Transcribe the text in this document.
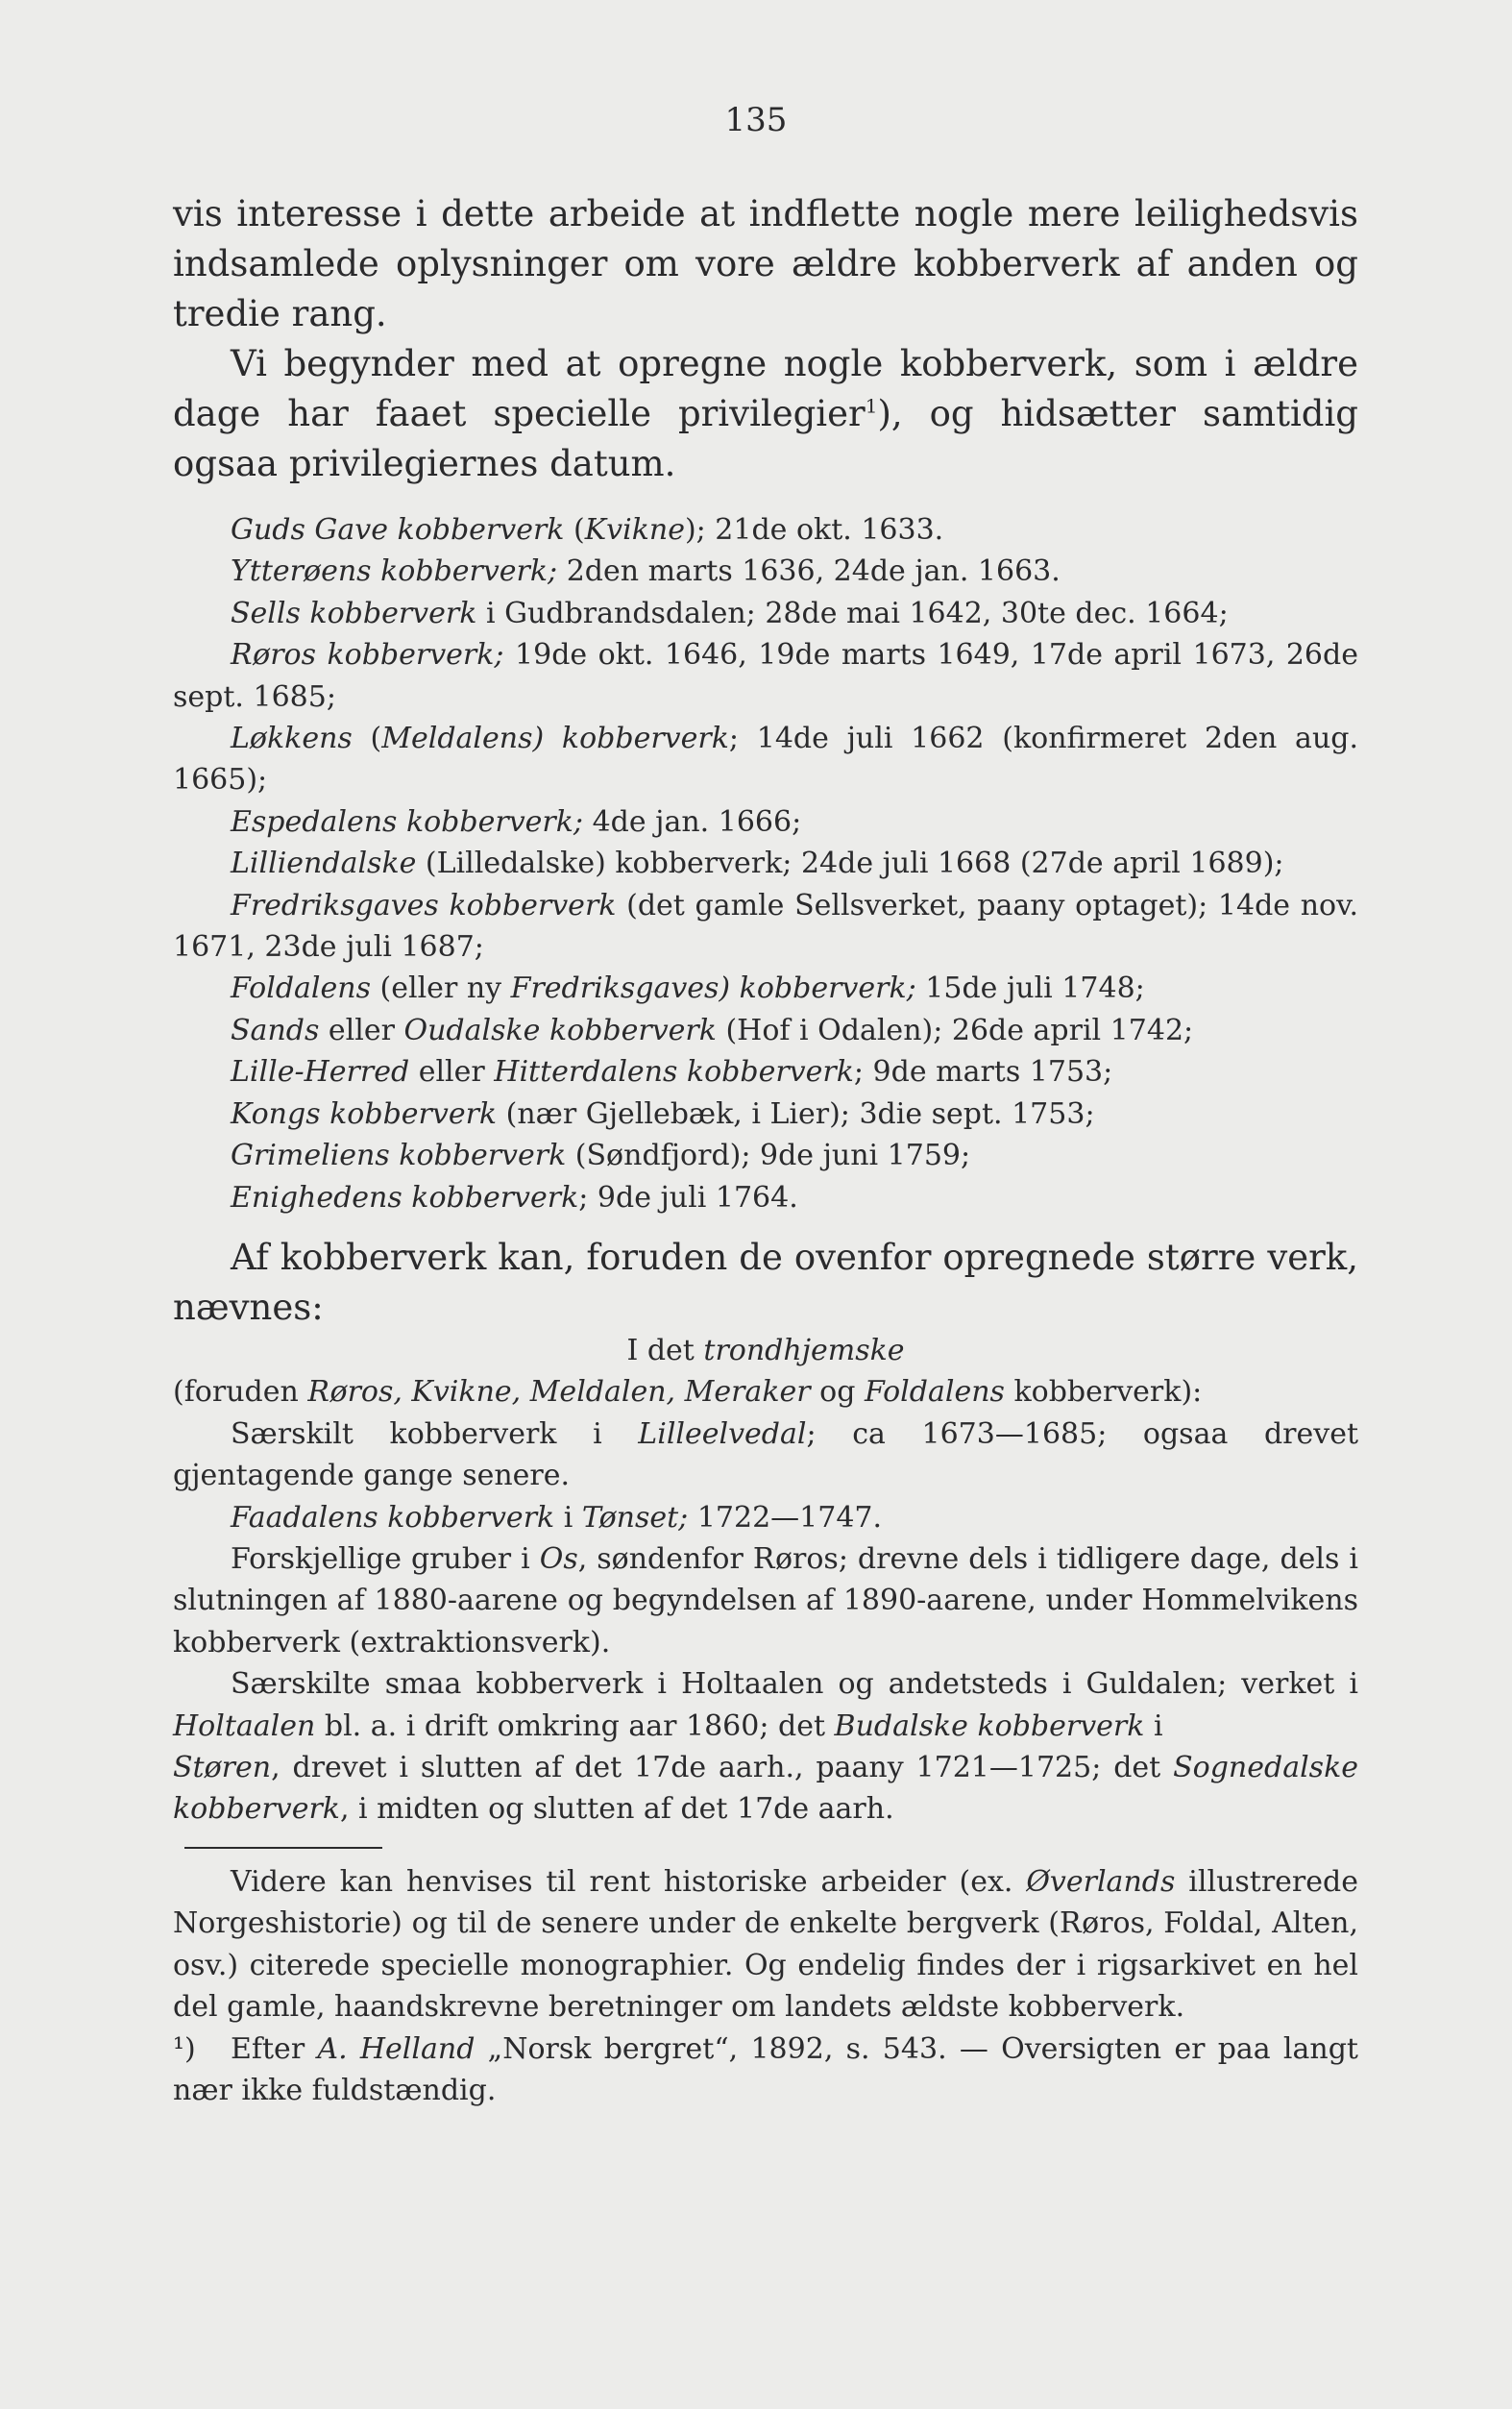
135

vis interesse i dette arbeide at indflette nogle mere leilighedsvis indsamlede oplysninger om vore ældre kobberverk af anden og tredie rang.

Vi begynder med at opregne nogle kobberverk, som i ældre dage har faaet specielle privilegier$^1$), og hidsætter samtidig ogsaa privilegiernes datum.

Guds Gave kobberverk (Kvikne); 21de okt. 1633.

Ytterøens kobberverk; 2den marts 1636, 24de jan. 1663.

Sells kobberverk i Gudbrandsdalen; 28de mai 1642, 30te dec. 1664;

Røros kobberverk; 19de okt. 1646, 19de marts 1649, 17de april 1673, 26de sept. 1685;

Løkkens (Meldalens) kobberverk; 14de juli 1662 (konfirmeret 2den aug. 1665);

Espedalens kobberverk; 4de jan. 1666;

Lilliendalske (Lilledalske) kobberverk; 24de juli 1668 (27de april 1689);

Fredriksgaves kobberverk (det gamle Sellsverket, paany optaget); 14de nov. 1671, 23de juli 1687;

Foldalens (eller ny Fredriksgaves) kobberverk; 15de juli 1748;

Sands eller Oudalske kobberverk (Hof i Odalen); 26de april 1742;

Lille-Herred eller Hitterdalens kobberverk; 9de marts 1753;

Kongs kobberverk (nær Gjellebæk, i Lier); 3die sept. 1753;

Grimeliens kobberverk (Søndfjord); 9de juni 1759;

Enighedens kobberverk; 9de juli 1764.

Af kobberverk kan, foruden de ovenfor opregnede større verk, nævnes:

I det trondhjemske

(foruden Røros, Kvikne, Meldalen, Meraker og Foldalens kobberverk):

Særskilt kobberverk i Lilleelvedal; ca 1673—1685; ogsaa drevet gjentagende gange senere.

Faadalens kobberverk i Tønset; 1722—1747.

Forskjellige gruber i Os, søndenfor Røros; drevne dels i tidligere dage, dels i slutningen af 1880-aarene og begyndelsen af 1890-aarene, under Hommelvikens kobberverk (extraktionsverk).

Særskilte smaa kobberverk i Holtaalen og andetsteds i Guldalen; verket i Holtaalen bl. a. i drift omkring aar 1860; det Budalske kobberverk i

Støren, drevet i slutten af det 17de aarh., paany 1721—1725; det Sognedalske kobberverk, i midten og slutten af det 17de aarh.

Videre kan henvises til rent historiske arbeider (ex. Øverlands illustrerede Norgeshistorie) og til de senere under de enkelte bergverk (Røros, Foldal, Alten, osv.) citerede specielle monographier. Og endelig findes der i rigsarkivet en hel del gamle, haandskrevne beretninger om landets ældste kobberverk.

¹) Efter A. Helland „Norsk bergret“, 1892, s. 543. — Oversigten er paa langt nær ikke fuldstændig.
